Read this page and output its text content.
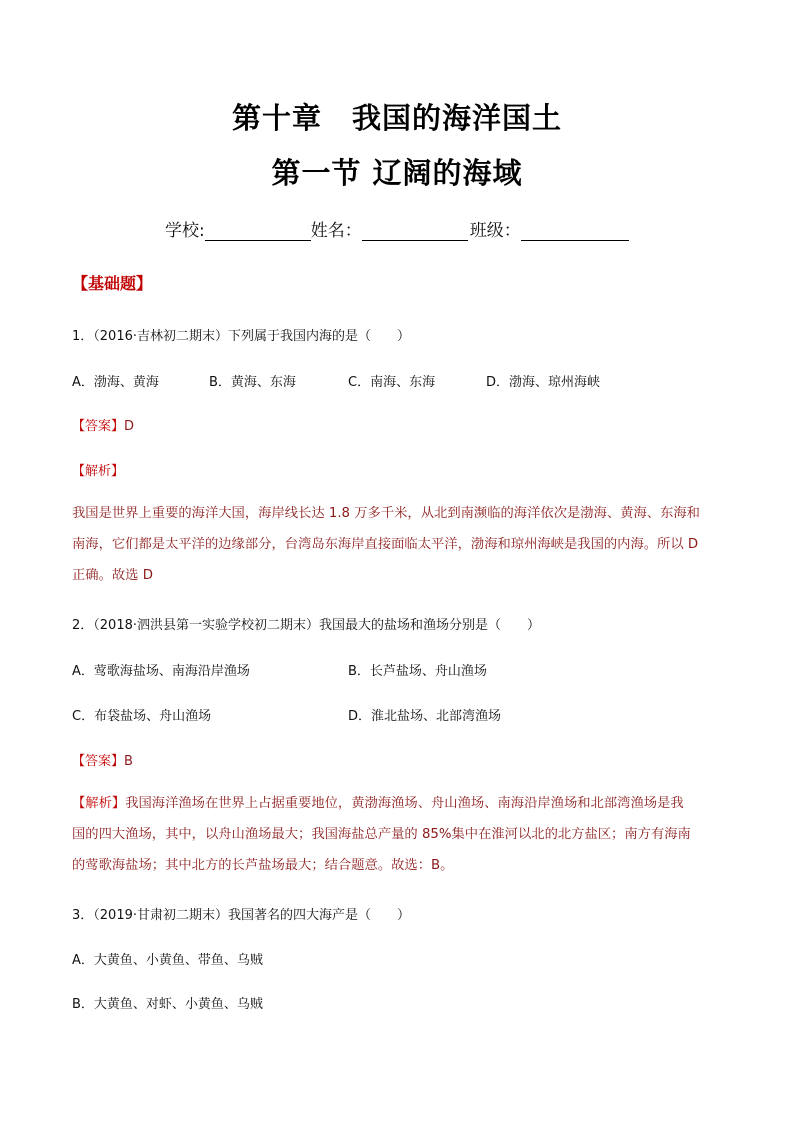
第十章　我国的海洋国土
第一节 辽阔的海域
学校:	姓名：	班级：
【基础题】
1．（2016·吉林初二期末）下列属于我国内海的是（　　）
A．渤海、黄海	B．黄海、东海	C．南海、东海	D．渤海、琼州海峡
【答案】D
【解析】
我国是世界上重要的海洋大国，海岸线长达 1.8 万多千米，从北到南濒临的海洋依次是渤海、黄海、东海和
南海，它们都是太平洋的边缘部分，台湾岛东海岸直接面临太平洋，渤海和琼州海峡是我国的内海。所以 D
正确。故选 D
2．（2018·泗洪县第一实验学校初二期末）我国最大的盐场和渔场分别是（　　）
A．莺歌海盐场、南海沿岸渔场	B．长芦盐场、舟山渔场
C．布袋盐场、舟山渔场	D．淮北盐场、北部湾渔场
【答案】B
【解析】我国海洋渔场在世界上占据重要地位，黄渤海渔场、舟山渔场、南海沿岸渔场和北部湾渔场是我
国的四大渔场，其中，以舟山渔场最大；我国海盐总产量的 85%集中在淮河以北的北方盐区；南方有海南
的莺歌海盐场；其中北方的长芦盐场最大；结合题意。故选：B。
3．（2019·甘肃初二期末）我国著名的四大海产是（　　）
A．大黄鱼、小黄鱼、带鱼、乌贼
B．大黄鱼、对虾、小黄鱼、乌贼
